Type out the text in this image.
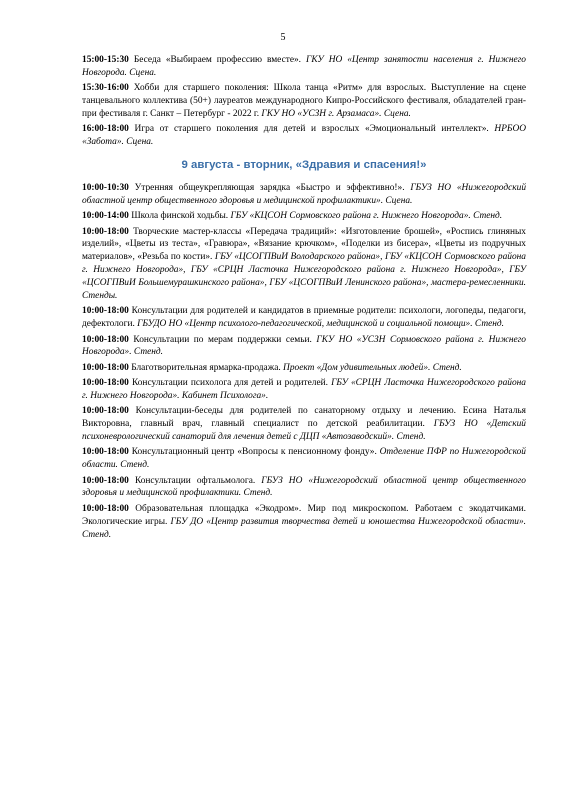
5
15:00-15:30 Беседа «Выбираем профессию вместе». ГКУ НО «Центр занятости населения г. Нижнего Новгорода. Сцена.
15:30-16:00 Хобби для старшего поколения: Школа танца «Ритм» для взрослых. Выступление на сцене танцевального коллектива (50+) лауреатов международного Кипро-Российского фестиваля, обладателей гран-при фестиваля г. Санкт – Петербург - 2022 г. ГКУ НО «УСЗН г. Арзамаса». Сцена.
16:00-18:00 Игра от старшего поколения для детей и взрослых «Эмоциональный интеллект». НРБОО «Забота». Сцена.
9 августа - вторник, «Здравия и спасения!»
10:00-10:30 Утренняя общеукрепляющая зарядка «Быстро и эффективно!». ГБУЗ НО «Нижегородский областной центр общественного здоровья и медицинской профилактики». Сцена.
10:00-14:00 Школа финской ходьбы. ГБУ «КЦСОН Сормовского района г. Нижнего Новгорода». Стенд.
10:00-18:00 Творческие мастер-классы «Передача традиций»: «Изготовление брошей», «Роспись глиняных изделий», «Цветы из теста», «Гравюра», «Вязание крючком», «Поделки из бисера», «Цветы из подручных материалов», «Резьба по кости». ГБУ «ЦСОГПВиИ Володарского района», ГБУ «КЦСОН Сормовского района г. Нижнего Новгорода», ГБУ «СРЦН Ласточка Нижегородского района г. Нижнего Новгорода», ГБУ «ЦСОГПВиИ Большемурашкинского района», ГБУ «ЦСОГПВиИ Ленинского района», мастера-ремесленники. Стенды.
10:00-18:00 Консультации для родителей и кандидатов в приемные родители: психологи, логопеды, педагоги, дефектологи. ГБУДО НО «Центр психолого-педагогической, медицинской и социальной помощи». Стенд.
10:00-18:00 Консультации по мерам поддержки семьи. ГКУ НО «УСЗН Сормовского района г. Нижнего Новгорода». Стенд.
10:00-18:00 Благотворительная ярмарка-продажа. Проект «Дом удивительных людей». Стенд.
10:00-18:00 Консультации психолога для детей и родителей. ГБУ «СРЦН Ласточка Нижегородского района г. Нижнего Новгорода». Кабинет Психолога».
10:00-18:00 Консультации-беседы для родителей по санаторному отдыху и лечению. Есина Наталья Викторовна, главный врач, главный специалист по детской реабилитации. ГБУЗ НО «Детский психоневрологический санаторий для лечения детей с ДЦП «Автозаводский». Стенд.
10:00-18:00 Консультационный центр «Вопросы к пенсионному фонду». Отделение ПФР по Нижегородской области. Стенд.
10:00-18:00 Консультации офтальмолога. ГБУЗ НО «Нижегородский областной центр общественного здоровья и медицинской профилактики. Стенд.
10:00-18:00 Образовательная площадка «Экодром». Мир под микроскопом. Работаем с экодатчиками. Экологические игры. ГБУ ДО «Центр развития творчества детей и юношества Нижегородской области». Стенд.
